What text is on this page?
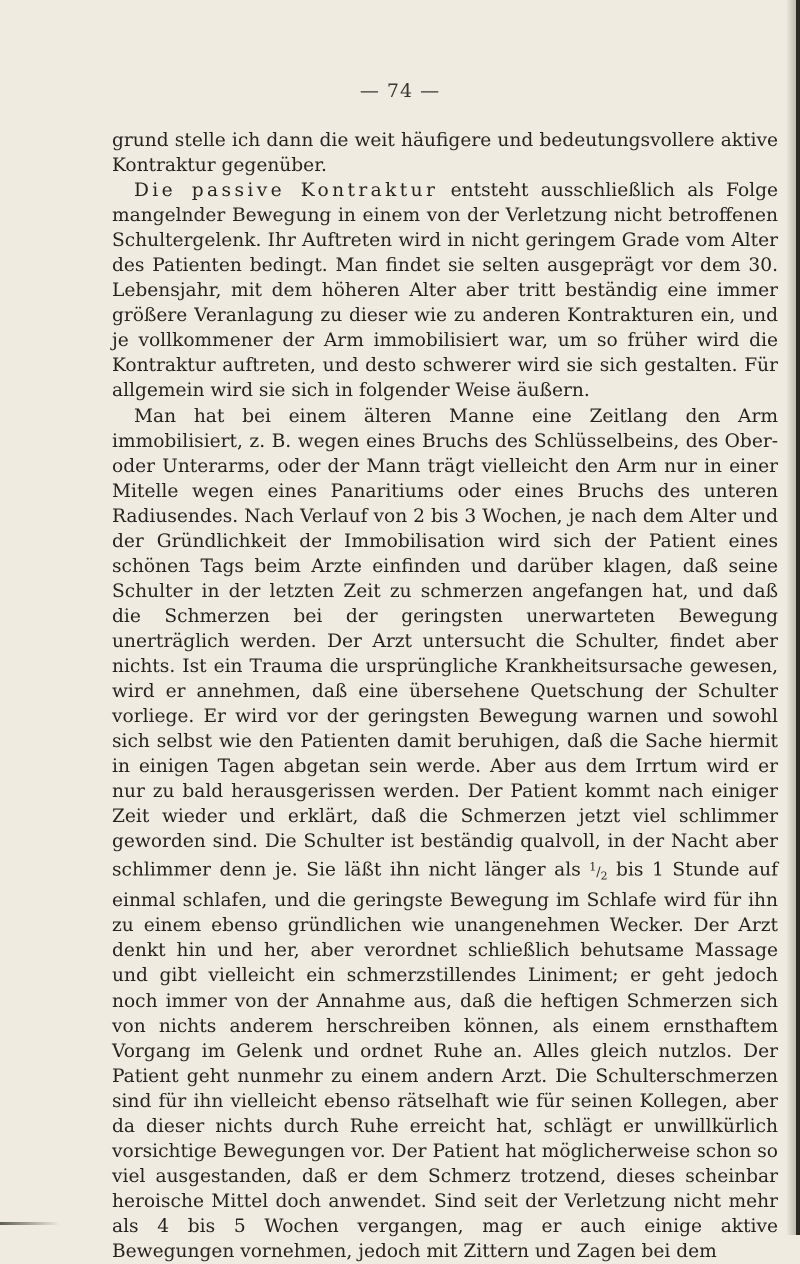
— 74 —

grund stelle ich dann die weit häufigere und bedeutungsvollere aktive Kontraktur gegenüber.

Die passive Kontraktur entsteht ausschließlich als Folge mangelnder Bewegung in einem von der Verletzung nicht betroffenen Schultergelenk. Ihr Auftreten wird in nicht geringem Grade vom Alter des Patienten bedingt. Man findet sie selten ausgeprägt vor dem 30. Lebensjahr, mit dem höheren Alter aber tritt beständig eine immer größere Veranlagung zu dieser wie zu anderen Kontrakturen ein, und je vollkommener der Arm immobilisiert war, um so früher wird die Kontraktur auftreten, und desto schwerer wird sie sich gestalten. Für allgemein wird sie sich in folgender Weise äußern.

Man hat bei einem älteren Manne eine Zeitlang den Arm immobilisiert, z. B. wegen eines Bruchs des Schlüsselbeins, des Ober- oder Unterarms, oder der Mann trägt vielleicht den Arm nur in einer Mitelle wegen eines Panaritiums oder eines Bruchs des unteren Radiusendes. Nach Verlauf von 2 bis 3 Wochen, je nach dem Alter und der Gründlichkeit der Immobilisation wird sich der Patient eines schönen Tags beim Arzte einfinden und darüber klagen, daß seine Schulter in der letzten Zeit zu schmerzen angefangen hat, und daß die Schmerzen bei der geringsten unerwarteten Bewegung unerträglich werden. Der Arzt untersucht die Schulter, findet aber nichts. Ist ein Trauma die ursprüngliche Krankheitsursache gewesen, wird er annehmen, daß eine übersehene Quetschung der Schulter vorliege. Er wird vor der geringsten Bewegung warnen und sowohl sich selbst wie den Patienten damit beruhigen, daß die Sache hiermit in einigen Tagen abgetan sein werde. Aber aus dem Irrtum wird er nur zu bald herausgerissen werden. Der Patient kommt nach einiger Zeit wieder und erklärt, daß die Schmerzen jetzt viel schlimmer geworden sind. Die Schulter ist beständig qualvoll, in der Nacht aber schlimmer denn je. Sie läßt ihn nicht länger als $^1/_2$ bis 1 Stunde auf einmal schlafen, und die geringste Bewegung im Schlafe wird für ihn zu einem ebenso gründlichen wie unangenehmen Wecker. Der Arzt denkt hin und her, aber verordnet schließlich behutsame Massage und gibt vielleicht ein schmerzstillendes Liniment; er geht jedoch noch immer von der Annahme aus, daß die heftigen Schmerzen sich von nichts anderem herschreiben können, als einem ernsthaftem Vorgang im Gelenk und ordnet Ruhe an. Alles gleich nutzlos. Der Patient geht nunmehr zu einem andern Arzt. Die Schulterschmerzen sind für ihn vielleicht ebenso rätselhaft wie für seinen Kollegen, aber da dieser nichts durch Ruhe erreicht hat, schlägt er unwillkürlich vorsichtige Bewegungen vor. Der Patient hat möglicherweise schon so viel ausgestanden, daß er dem Schmerz trotzend, dieses scheinbar heroische Mittel doch anwendet. Sind seit der Verletzung nicht mehr als 4 bis 5 Wochen vergangen, mag er auch einige aktive Bewegungen vornehmen, jedoch mit Zittern und Zagen bei dem
